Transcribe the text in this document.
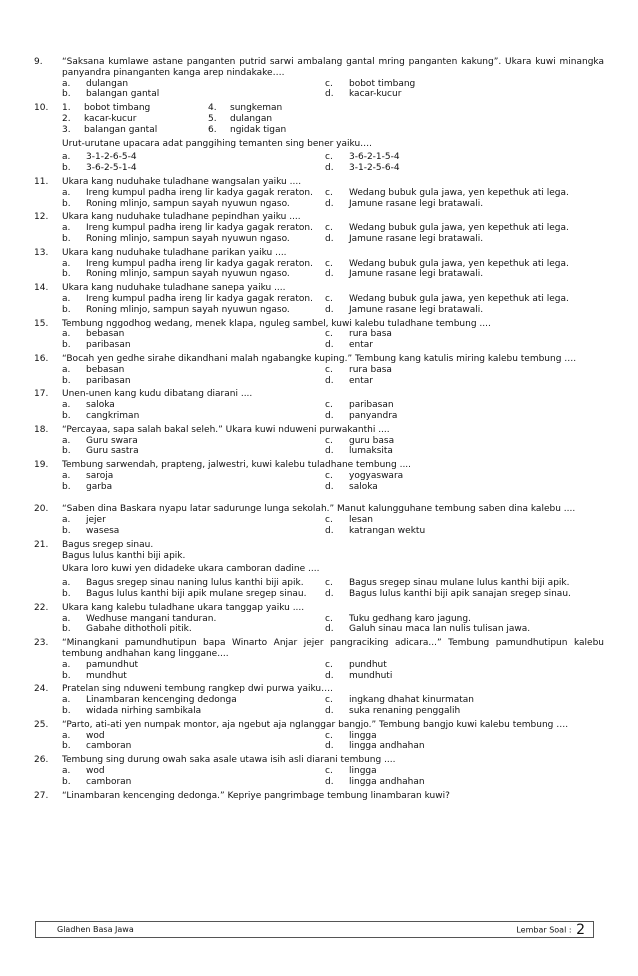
9.	“Saksana kumlawe astane panganten putrid sarwi ambalang gantal mring panganten kakung”. Ukara kuwi minangka panyandra pinanganten kanga arep nindakake….
a.	dulangan	c.	bobot timbang
b.	balangan gantal	d.	kacar-kucur
10.	1.	bobot timbang	4.	sungkeman
2.	kacar-kucur	5.	dulangan
3.	balangan gantal	6.	ngidak tigan
Urut-urutane upacara adat panggihing temanten sing bener yaiku….
a.	3-1-2-6-5-4	c.	3-6-2-1-5-4
b.	3-6-2-5-1-4	d.	3-1-2-5-6-4
11.	Ukara kang nuduhake tuladhane wangsalan yaiku ....
a.	Ireng kumpul padha ireng lir kadya gagak reraton.	c.	Wedang bubuk gula jawa, yen kepethuk ati lega.
b.	Roning mlinjo, sampun sayah nyuwun ngaso.	d.	Jamune rasane legi bratawali.
12.	Ukara kang nuduhake tuladhane pepindhan yaiku ....
a.	Ireng kumpul padha ireng lir kadya gagak reraton.	c.	Wedang bubuk gula jawa, yen kepethuk ati lega.
b.	Roning mlinjo, sampun sayah nyuwun ngaso.	d.	Jamune rasane legi bratawali.
13.	Ukara kang nuduhake tuladhane parikan yaiku ....
a.	Ireng kumpul padha ireng lir kadya gagak reraton.	c.	Wedang bubuk gula jawa, yen kepethuk ati lega.
b.	Roning mlinjo, sampun sayah nyuwun ngaso.	d.	Jamune rasane legi bratawali.
14.	Ukara kang nuduhake tuladhane sanepa yaiku ....
a.	Ireng kumpul padha ireng lir kadya gagak reraton.	c.	Wedang bubuk gula jawa, yen kepethuk ati lega.
b.	Roning mlinjo, sampun sayah nyuwun ngaso.	d.	Jamune rasane legi bratawali.
15.	Tembung nggodhog wedang, menek klapa, nguleg sambel, kuwi kalebu tuladhane tembung ....
a.	bebasan	c.	rura basa
b.	paribasan	d.	entar
16.	“Bocah yen gedhe sirahe dikandhani malah ngabangke kuping.” Tembung kang katulis miring kalebu tembung ….
a.	bebasan	c.	rura basa
b.	paribasan	d.	entar
17.	Unen-unen kang kudu dibatang diarani ....
a.	saloka	c.	paribasan
b.	cangkriman	d.	panyandra
18.	“Percayaa, sapa salah bakal seleh.” Ukara kuwi nduweni purwakanthi ....
a.	Guru swara	c.	guru basa
b.	Guru sastra	d.	lumaksita
19.	Tembung sarwendah, prapteng, jalwestri, kuwi kalebu tuladhane tembung ....
a.	saroja	c.	yogyaswara
b.	garba	d.	saloka
20.	“Saben dina Baskara nyapu latar sadurunge lunga sekolah.” Manut kalungguhane tembung saben dina kalebu ....
a.	jejer	c.	lesan
b.	wasesa	d.	katrangan wektu
21.	Bagus sregep sinau.
Bagus lulus kanthi biji apik.
Ukara loro kuwi yen didadeke ukara camboran dadine ....
a.	Bagus sregep sinau naning lulus kanthi biji apik.	c.	Bagus sregep sinau mulane lulus kanthi biji apik.
b.	Bagus lulus kanthi biji apik mulane sregep sinau.	d.	Bagus lulus kanthi biji apik sanajan sregep sinau.
22.	Ukara kang kalebu tuladhane ukara tanggap yaiku ....
a.	Wedhuse mangani tanduran.	c.	Tuku gedhang karo jagung.
b.	Gabahe dithotholi pitik.	d.	Galuh sinau maca lan nulis tulisan jawa.
23.	“Minangkani pamundhutipun bapa Winarto Anjar jejer pangraciking adicara...” Tembung pamundhutipun kalebu tembung andhahan kang linggane....
a.	pamundhut	c.	pundhut
b.	mundhut	d.	mundhuti
24.	Pratelan sing nduweni tembung rangkep dwi purwa yaiku….
a.	Linambaran kencenging dedonga	c.	ingkang dhahat kinurmatan
b.	widada nirhing sambikala	d.	suka renaning penggalih
25.	“Parto, ati-ati yen numpak montor, aja ngebut aja nglanggar bangjo.” Tembung bangjo kuwi kalebu tembung ….
a.	wod	c.	lingga
b.	camboran	d.	lingga andhahan
26.	Tembung sing durung owah saka asale utawa isih asli diarani tembung ....
a.	wod	c.	lingga
b.	camboran	d.	lingga andhahan
27.	“Linambaran kencenging dedonga.” Kepriye pangrimbage tembung linambaran kuwi?
Gladhen Basa Jawa	Lembar Soal : 2
